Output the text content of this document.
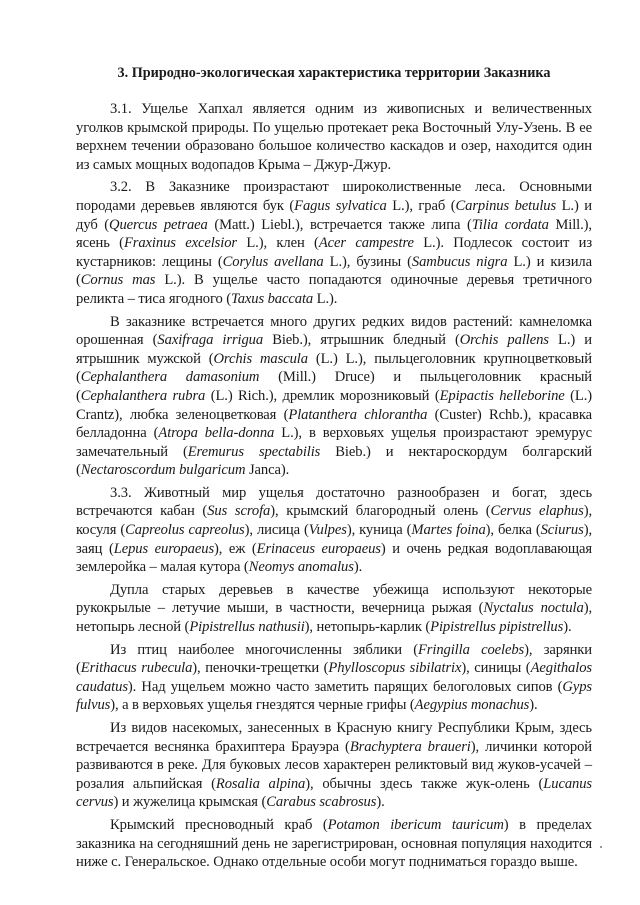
3. Природно-экологическая характеристика территории Заказника

3.1. Ущелье Хапхал является одним из живописных и величественных уголков крымской природы. По ущелью протекает река Восточный Улу-Узень. В ее верхнем течении образовано большое количество каскадов и озер, находится один из самых мощных водопадов Крыма – Джур-Джур.

3.2. В Заказнике произрастают широколиственные леса. Основными породами деревьев являются бук (Fagus sylvatica L.), граб (Carpinus betulus L.) и дуб (Quercus petraea (Matt.) Liebl.), встречается также липа (Tilia cordata Mill.), ясень (Fraxinus excelsior L.), клен (Acer campestre L.). Подлесок состоит из кустарников: лещины (Corylus avellana L.), бузины (Sambucus nigra L.) и кизила (Cornus mas L.). В ущелье часто попадаются одиночные деревья третичного реликта – тиса ягодного (Taxus baccata L.).

В заказнике встречается много других редких видов растений: камнеломка орошенная (Saxifraga irrigua Bieb.), ятрышник бледный (Orchis pallens L.) и ятрышник мужской (Orchis mascula (L.) L.), пыльцеголовник крупноцветковый (Cephalanthera damasonium (Mill.) Druce) и пыльцеголовник красный (Cephalanthera rubra (L.) Rich.), дремлик морозниковый (Epipactis helleborine (L.) Crantz), любка зеленоцветковая (Platanthera chlorantha (Custer) Rchb.), красавка белладонна (Atropa bella-donna L.), в верховьях ущелья произрастают эремурус замечательный (Eremurus spectabilis Bieb.) и нектароскордум болгарский (Nectaroscordum bulgaricum Janca).

3.3. Животный мир ущелья достаточно разнообразен и богат, здесь встречаются кабан (Sus scrofa), крымский благородный олень (Cervus elaphus), косуля (Capreolus capreolus), лисица (Vulpes), куница (Martes foina), белка (Sciurus), заяц (Lepus europaeus), еж (Erinaceus europaeus) и очень редкая водоплавающая землеройка – малая кутора (Neomys anomalus).

Дупла старых деревьев в качестве убежища используют некоторые рукокрылые – летучие мыши, в частности, вечерница рыжая (Nyctalus noctula), нетопырь лесной (Pipistrellus nathusii), нетопырь-карлик (Pipistrellus pipistrellus).

Из птиц наиболее многочисленны зяблики (Fringilla coelebs), зарянки (Erithacus rubecula), пеночки-трещетки (Phylloscopus sibilatrix), синицы (Aegithalos caudatus). Над ущельем можно часто заметить парящих белоголовых сипов (Gyps fulvus), а в верховьях ущелья гнездятся черные грифы (Aegypius monachus).

Из видов насекомых, занесенных в Красную книгу Республики Крым, здесь встречается веснянка брахиптера Брауэра (Brachyptera braueri), личинки которой развиваются в реке. Для буковых лесов характерен реликтовый вид жуков-усачей – розалия альпийская (Rosalia alpina), обычны здесь также жук-олень (Lucanus cervus) и жужелица крымская (Carabus scabrosus).

Крымский пресноводный краб (Potamon ibericum tauricum) в пределах заказника на сегодняшний день не зарегистрирован, основная популяция находится ниже с. Генеральское. Однако отдельные особи могут подниматься гораздо выше.
